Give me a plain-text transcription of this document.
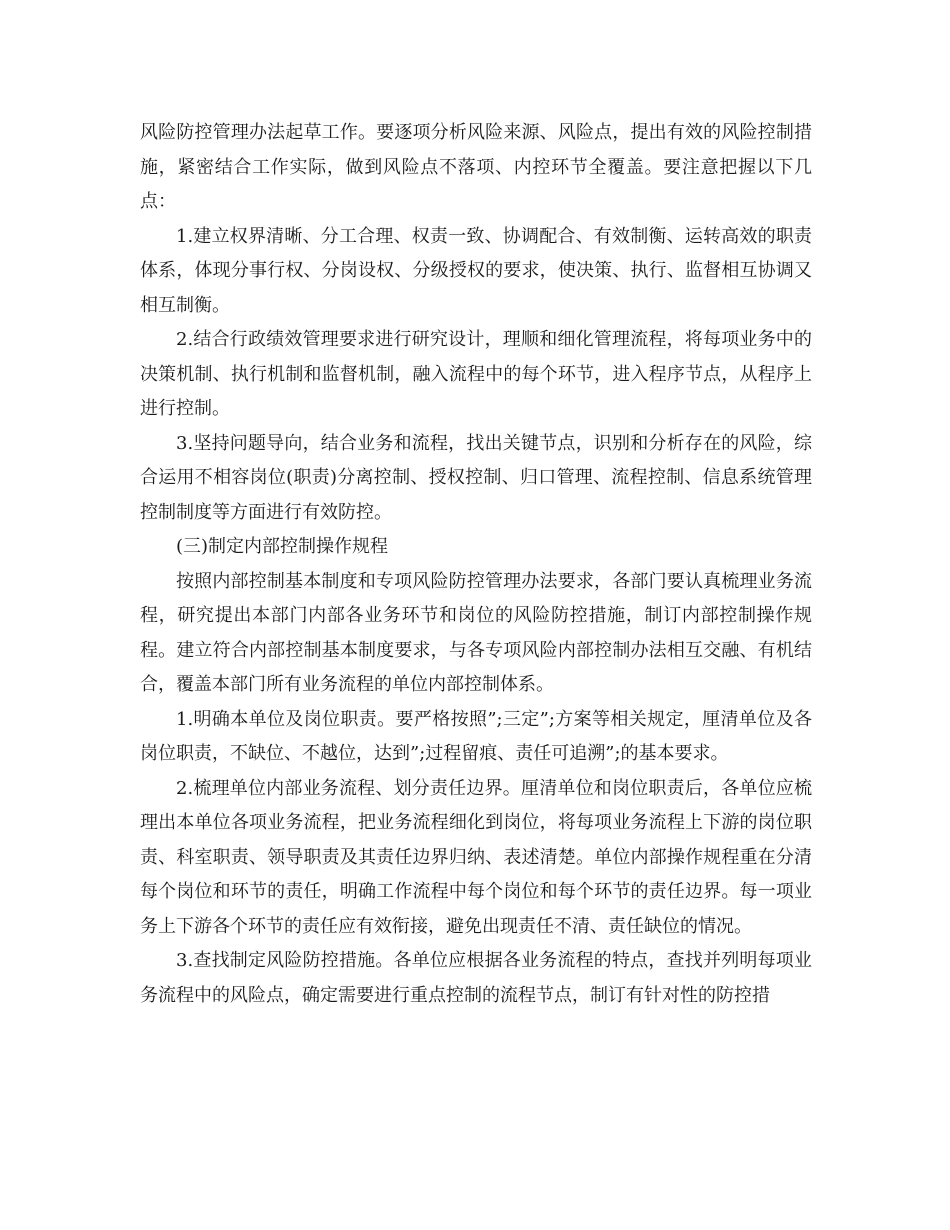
风险防控管理办法起草工作。要逐项分析风险来源、风险点，提出有效的风险控制措施，紧密结合工作实际，做到风险点不落项、内控环节全覆盖。要注意把握以下几点：

1.建立权界清晰、分工合理、权责一致、协调配合、有效制衡、运转高效的职责体系，体现分事行权、分岗设权、分级授权的要求，使决策、执行、监督相互协调又相互制衡。

2.结合行政绩效管理要求进行研究设计，理顺和细化管理流程，将每项业务中的决策机制、执行机制和监督机制，融入流程中的每个环节，进入程序节点，从程序上进行控制。

3.坚持问题导向，结合业务和流程，找出关键节点，识别和分析存在的风险，综合运用不相容岗位(职责)分离控制、授权控制、归口管理、流程控制、信息系统管理控制制度等方面进行有效防控。

(三)制定内部控制操作规程

按照内部控制基本制度和专项风险防控管理办法要求，各部门要认真梳理业务流程，研究提出本部门内部各业务环节和岗位的风险防控措施，制订内部控制操作规程。建立符合内部控制基本制度要求，与各专项风险内部控制办法相互交融、有机结合，覆盖本部门所有业务流程的单位内部控制体系。

1.明确本单位及岗位职责。要严格按照”;三定”;方案等相关规定，厘清单位及各岗位职责，不缺位、不越位，达到”;过程留痕、责任可追溯”;的基本要求。

2.梳理单位内部业务流程、划分责任边界。厘清单位和岗位职责后，各单位应梳理出本单位各项业务流程，把业务流程细化到岗位，将每项业务流程上下游的岗位职责、科室职责、领导职责及其责任边界归纳、表述清楚。单位内部操作规程重在分清每个岗位和环节的责任，明确工作流程中每个岗位和每个环节的责任边界。每一项业务上下游各个环节的责任应有效衔接，避免出现责任不清、责任缺位的情况。

3.查找制定风险防控措施。各单位应根据各业务流程的特点，查找并列明每项业务流程中的风险点，确定需要进行重点控制的流程节点，制订有针对性的防控措
